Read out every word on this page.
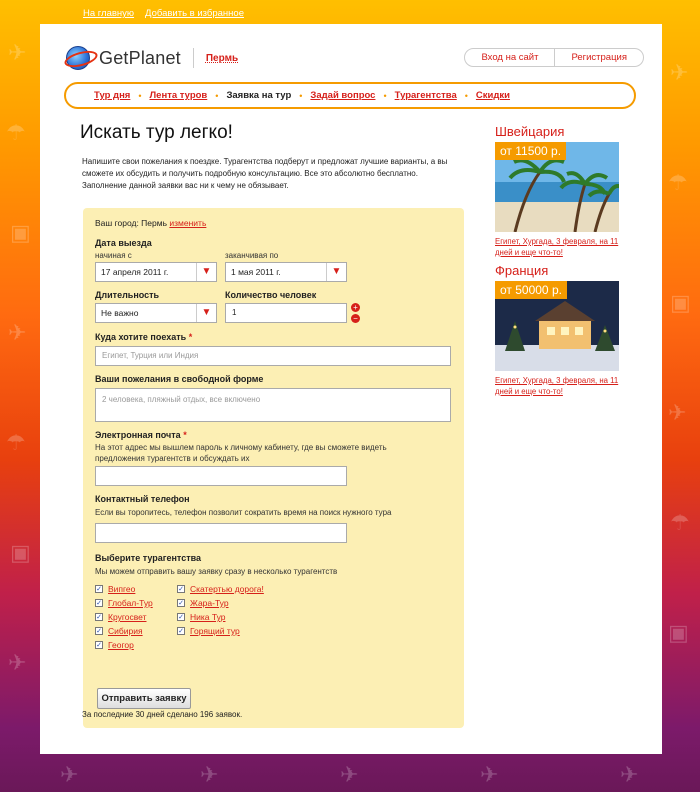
✈
☂
▣
✈
☂
▣
✈
✈
☂
▣
✈
☂
▣
✈	✈	✈	✈	✈
На главную Добавить в избранное
GetPlanet	Пермь	Вход на сайт	Регистрация
Тур дня • Лента туров • Заявка на тур • Задай вопрос • Турагентства • Скидки
Искать тур легко!
Напишите свои пожелания к поездке. Турагентства подберут и предложат лучшие варианты, а вы сможете их обсудить и получить подробную консультацию. Все это абсолютно бесплатно. Заполнение данной заявки вас ни к чему не обязывает.
Ваш город: Пермь изменить
Дата выезда
начиная с	заканчивая по
17 апреля 2011 г.	▼	1 мая 2011 г.	▼
Длительность	Количество человек
Не важно	▼	1
+
−
Куда хотите поехать *
Египет, Турция или Индия
Ваши пожелания в свободной форме
2 человека, пляжный отдых, все включено
Электронная почта *
На этот адрес мы вышлем пароль к личному кабинету, где вы сможете видеть предложения турагентств и обсуждать их
Контактный телефон
Если вы торопитесь, телефон позволит сократить время на поиск нужного тура
Выберите турагентства
Мы можем отправить вашу заявку сразу в несколько турагентств
✓ Випгео
✓ Глобал-Тур
✓ Кругосвет
✓ Сибирия
✓ Геогор
✓ Скатертью дорога!
✓ Жара-Тур
✓ Ника Тур
✓ Горящий тур
Отправить заявку
За последние 30 дней сделано 196 заявок.
Швейцария
от 11500 р.

Египет, Хургада, 3 февраля, на 11 дней и еще что-то!

Франция
от 50000 р.

Египет, Хургада, 3 февраля, на 11 дней и еще что-то!
